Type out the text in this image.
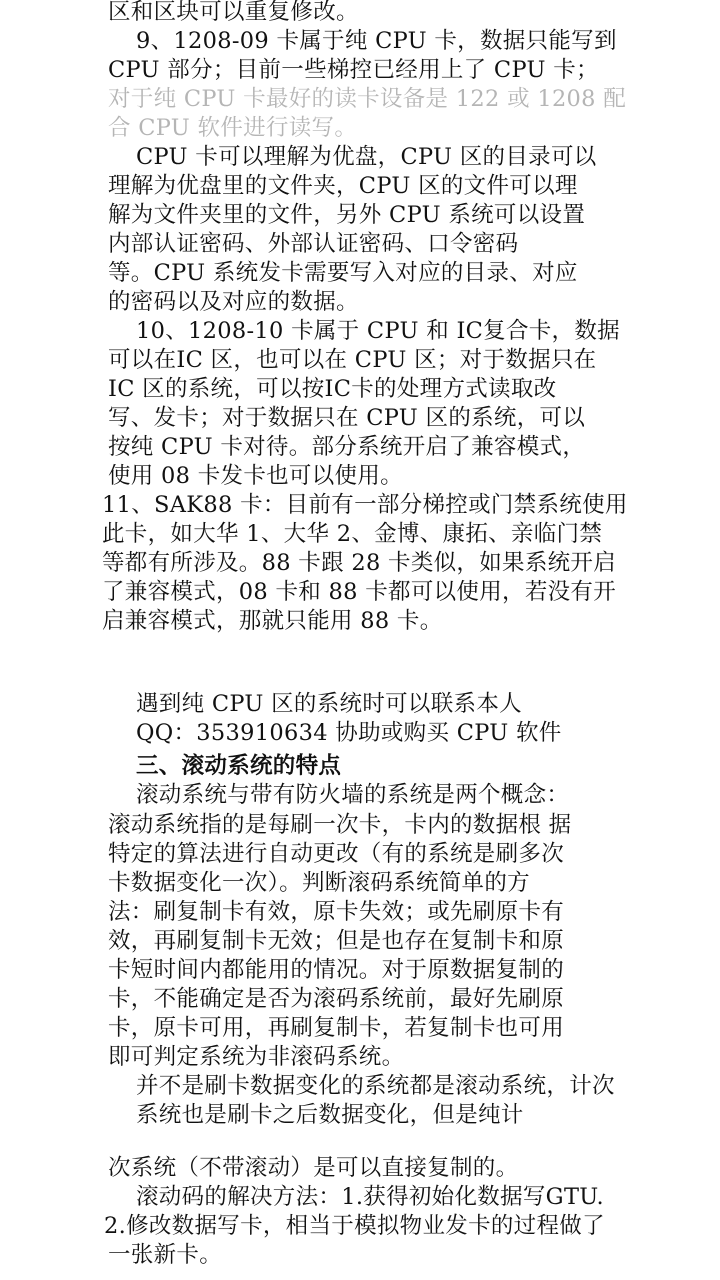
区和区块可以重复修改。
9、1208-09 卡属于纯 CPU 卡，数据只能写到
CPU 部分；目前一些梯控已经用上了 CPU 卡；
对于纯 CPU 卡最好的读卡设备是 122 或 1208 配
合 CPU 软件进行读写。
CPU 卡可以理解为优盘，CPU 区的目录可以
理解为优盘里的文件夹，CPU 区的文件可以理
解为文件夹里的文件，另外 CPU 系统可以设置
内部认证密码、外部认证密码、口令密码
等。CPU 系统发卡需要写入对应的目录、对应
的密码以及对应的数据。
10、1208-10 卡属于 CPU 和 IC复合卡，数据
可以在IC 区，也可以在 CPU 区；对于数据只在
IC 区的系统，可以按IC卡的处理方式读取改
写、发卡；对于数据只在 CPU 区的系统，可以
按纯 CPU 卡对待。部分系统开启了兼容模式，
使用 08 卡发卡也可以使用。
11、SAK88 卡：目前有一部分梯控或门禁系统使用
此卡，如大华 1、大华 2、金博、康拓、亲临门禁
等都有所涉及。88 卡跟 28 卡类似，如果系统开启
了兼容模式，08 卡和 88 卡都可以使用，若没有开
启兼容模式，那就只能用 88 卡。
遇到纯 CPU 区的系统时可以联系本人
QQ：353910634 协助或购买 CPU 软件
三、滚动系统的特点
滚动系统与带有防火墙的系统是两个概念：
滚动系统指的是每刷一次卡，卡内的数据根 据
特定的算法进行自动更改（有的系统是刷多次
卡数据变化一次）。判断滚码系统简单的方
法：刷复制卡有效，原卡失效；或先刷原卡有
效，再刷复制卡无效；但是也存在复制卡和原
卡短时间内都能用的情况。对于原数据复制的
卡，不能确定是否为滚码系统前，最好先刷原
卡，原卡可用，再刷复制卡，若复制卡也可用
即可判定系统为非滚码系统。
并不是刷卡数据变化的系统都是滚动系统，计次
系统也是刷卡之后数据变化，但是纯计
次系统（不带滚动）是可以直接复制的。
滚动码的解决方法：1.获得初始化数据写GTU.
2.修改数据写卡，相当于模拟物业发卡的过程做了
一张新卡。
